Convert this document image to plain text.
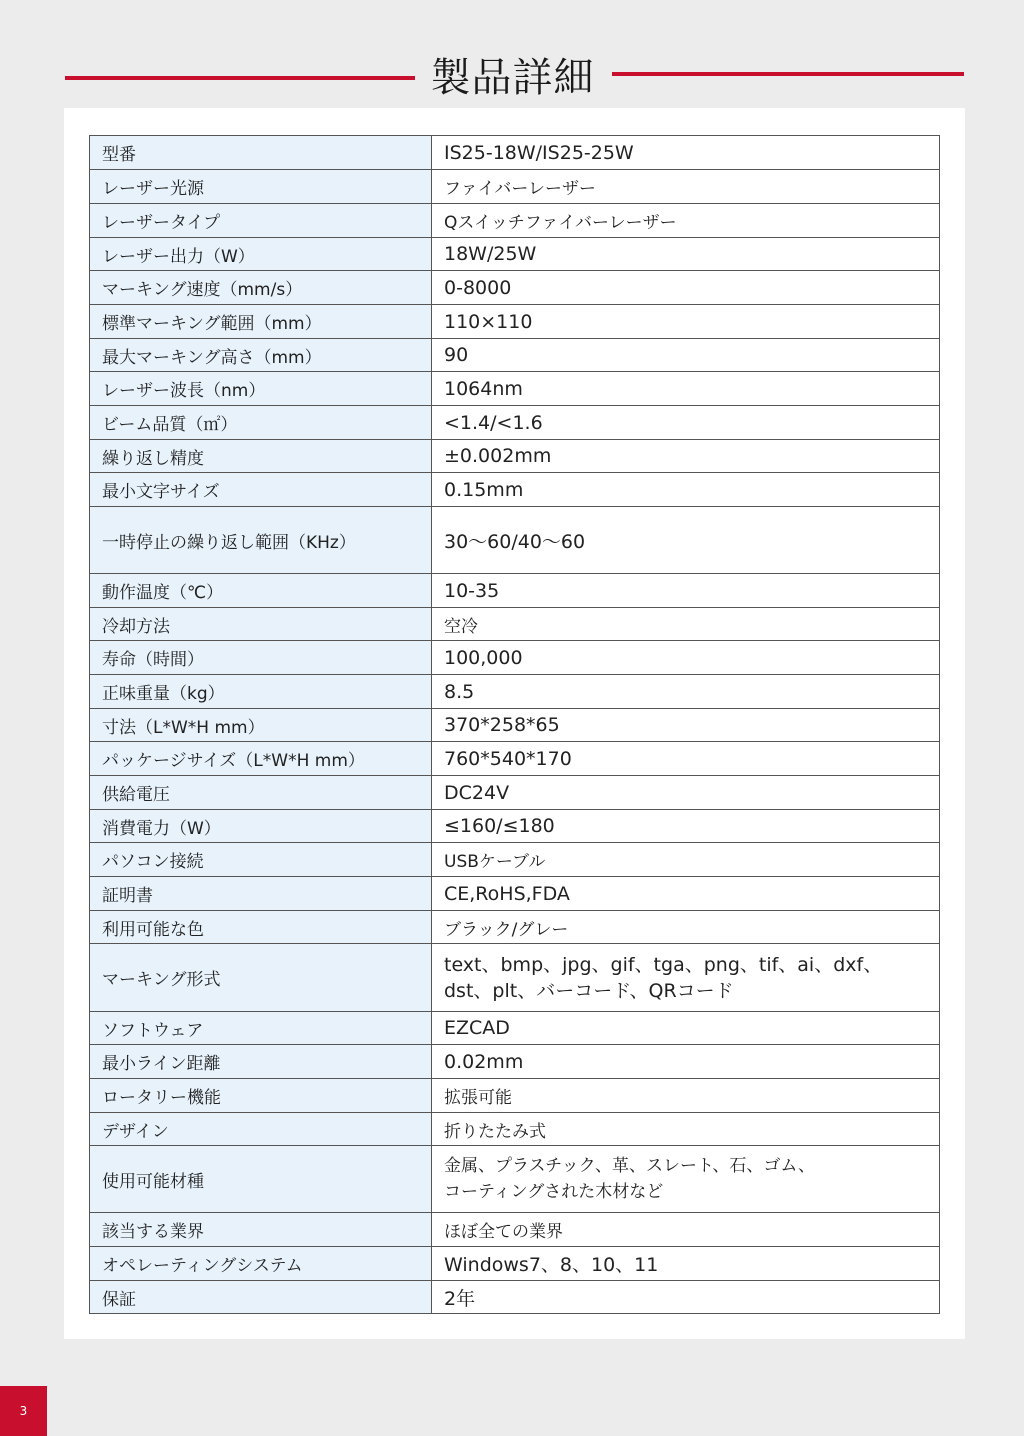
製品詳細
型番	IS25-18W/IS25-25W
レーザー光源	ファイバーレーザー
レーザータイプ	Qスイッチファイバーレーザー
レーザー出力（W）	18W/25W
マーキング速度（mm/s）	0-8000
標準マーキング範囲（mm）	110×110
最大マーキング高さ（mm）	90
レーザー波長（nm）	1064nm
ビーム品質（㎡）	<1.4/<1.6
繰り返し精度	±0.002mm
最小文字サイズ	0.15mm
一時停止の繰り返し範囲（KHz）	30～60/40～60
動作温度（℃）	10-35
冷却方法	空冷
寿命（時間）	100,000
正味重量（kg）	8.5
寸法（L*W*H mm）	370*258*65
パッケージサイズ（L*W*H mm）	760*540*170
供給電圧	DC24V
消費電力（W）	≤160/≤180
パソコン接続	USBケーブル
証明書	CE,RoHS,FDA
利用可能な色	ブラック/グレー
マーキング形式	text、bmp、jpg、gif、tga、png、tif、ai、dxf、
dst、plt、バーコード、QRコード

ソフトウェア	EZCAD
最小ライン距離	0.02mm
ロータリー機能	拡張可能
デザイン	折りたたみ式
使用可能材種	金属、プラスチック、革、スレート、石、ゴム、
コーティングされた木材など

該当する業界	ほぼ全ての業界
オペレーティングシステム	Windows7、8、10、11
保証	2年
3
